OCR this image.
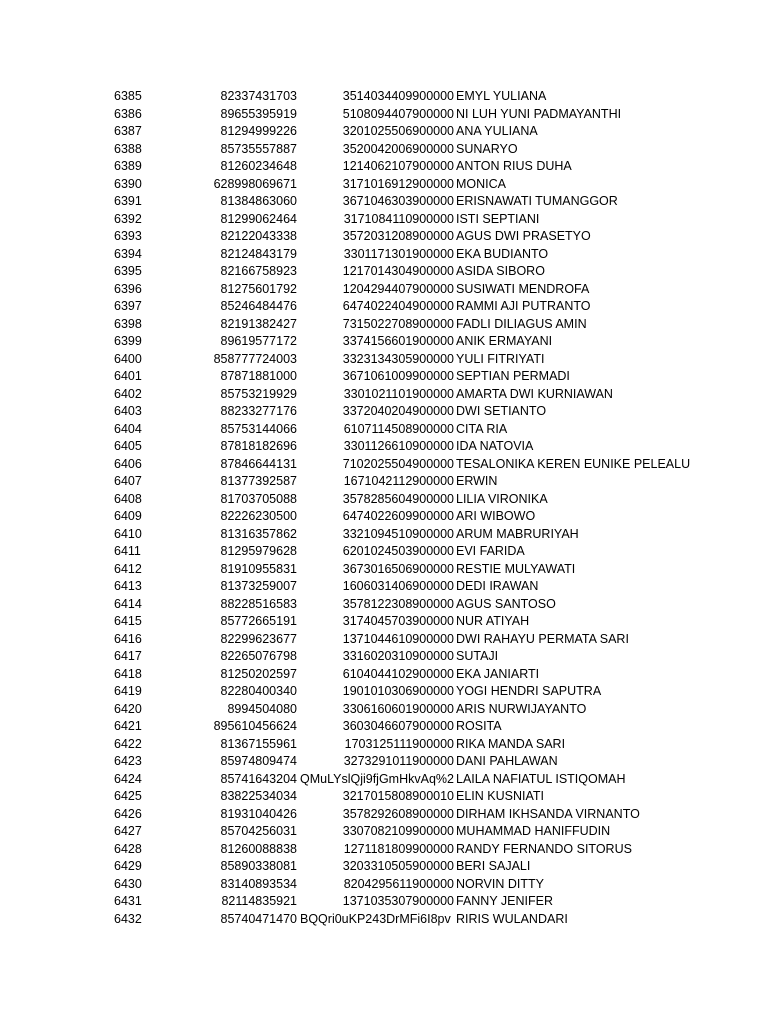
6385	82337431703	3514034409900000 EMYL YULIANA
6386	89655395919	5108094407900000 NI LUH YUNI PADMAYANTHI
6387	81294999226	3201025506900000 ANA YULIANA
6388	85735557887	3520042006900000 SUNARYO
6389	81260234648	1214062107900000 ANTON RIUS DUHA
6390	628998069671	3171016912900000 MONICA
6391	81384863060	3671046303900000 ERISNAWATI TUMANGGOR
6392	81299062464	3171084110900000 ISTI SEPTIANI
6393	82122043338	3572031208900000 AGUS DWI PRASETYO
6394	82124843179	3301171301900000 EKA BUDIANTO
6395	82166758923	1217014304900000 ASIDA SIBORO
6396	81275601792	1204294407900000 SUSIWATI MENDROFA
6397	85246484476	6474022404900000 RAMMI AJI PUTRANTO
6398	82191382427	7315022708900000 FADLI DILIAGUS AMIN
6399	89619577172	3374156601900000 ANIK ERMAYANI
6400	858777724003	3323134305900000 YULI FITRIYATI
6401	87871881000	3671061009900000 SEPTIAN PERMADI
6402	85753219929	3301021101900000 AMARTA DWI KURNIAWAN
6403	88233277176	3372040204900000 DWI SETIANTO
6404	85753144066	6107114508900000 CITA RIA
6405	87818182696	3301126610900000 IDA NATOVIA
6406	87846644131	7102025504900000 TESALONIKA KEREN EUNIKE PELEALU
6407	81377392587	1671042112900000 ERWIN
6408	81703705088	3578285604900000 LILIA VIRONIKA
6409	82226230500	6474022609900000 ARI WIBOWO
6410	81316357862	3321094510900000 ARUM MABRURIYAH
6411	81295979628	6201024503900000 EVI FARIDA
6412	81910955831	3673016506900000 RESTIE MULYAWATI
6413	81373259007	1606031406900000 DEDI IRAWAN
6414	88228516583	3578122308900000 AGUS SANTOSO
6415	85772665191	3174045703900000 NUR ATIYAH
6416	82299623677	1371044610900000 DWI RAHAYU PERMATA SARI
6417	82265076798	3316020310900000 SUTAJI
6418	81250202597	6104044102900000 EKA JANIARTI
6419	82280400340	1901010306900000 YOGI HENDRI SAPUTRA
6420	8994504080	3306160601900000 ARIS NURWIJAYANTO
6421	895610456624	3603046607900000 ROSITA
6422	81367155961	1703125111900000 RIKA MANDA SARI
6423	85974809474	3273291011900000 DANI PAHLAWAN
6424	85741643204 QMuLYslQji9fjGmHkvAq%2 LAILA NAFIATUL ISTIQOMAH
6425	83822534034	3217015808900010 ELIN KUSNIATI
6426	81931040426	3578292608900000 DIRHAM IKHSANDA VIRNANTO
6427	85704256031	3307082109900000 MUHAMMAD HANIFFUDIN
6428	81260088838	1271181809900000 RANDY FERNANDO SITORUS
6429	85890338081	3203310505900000 BERI SAJALI
6430	83140893534	8204295611900000 NORVIN DITTY
6431	82114835921	1371035307900000 FANNY JENIFER
6432	85740471470 BQQri0uKP243DrMFi6I8pv RIRIS WULANDARI
